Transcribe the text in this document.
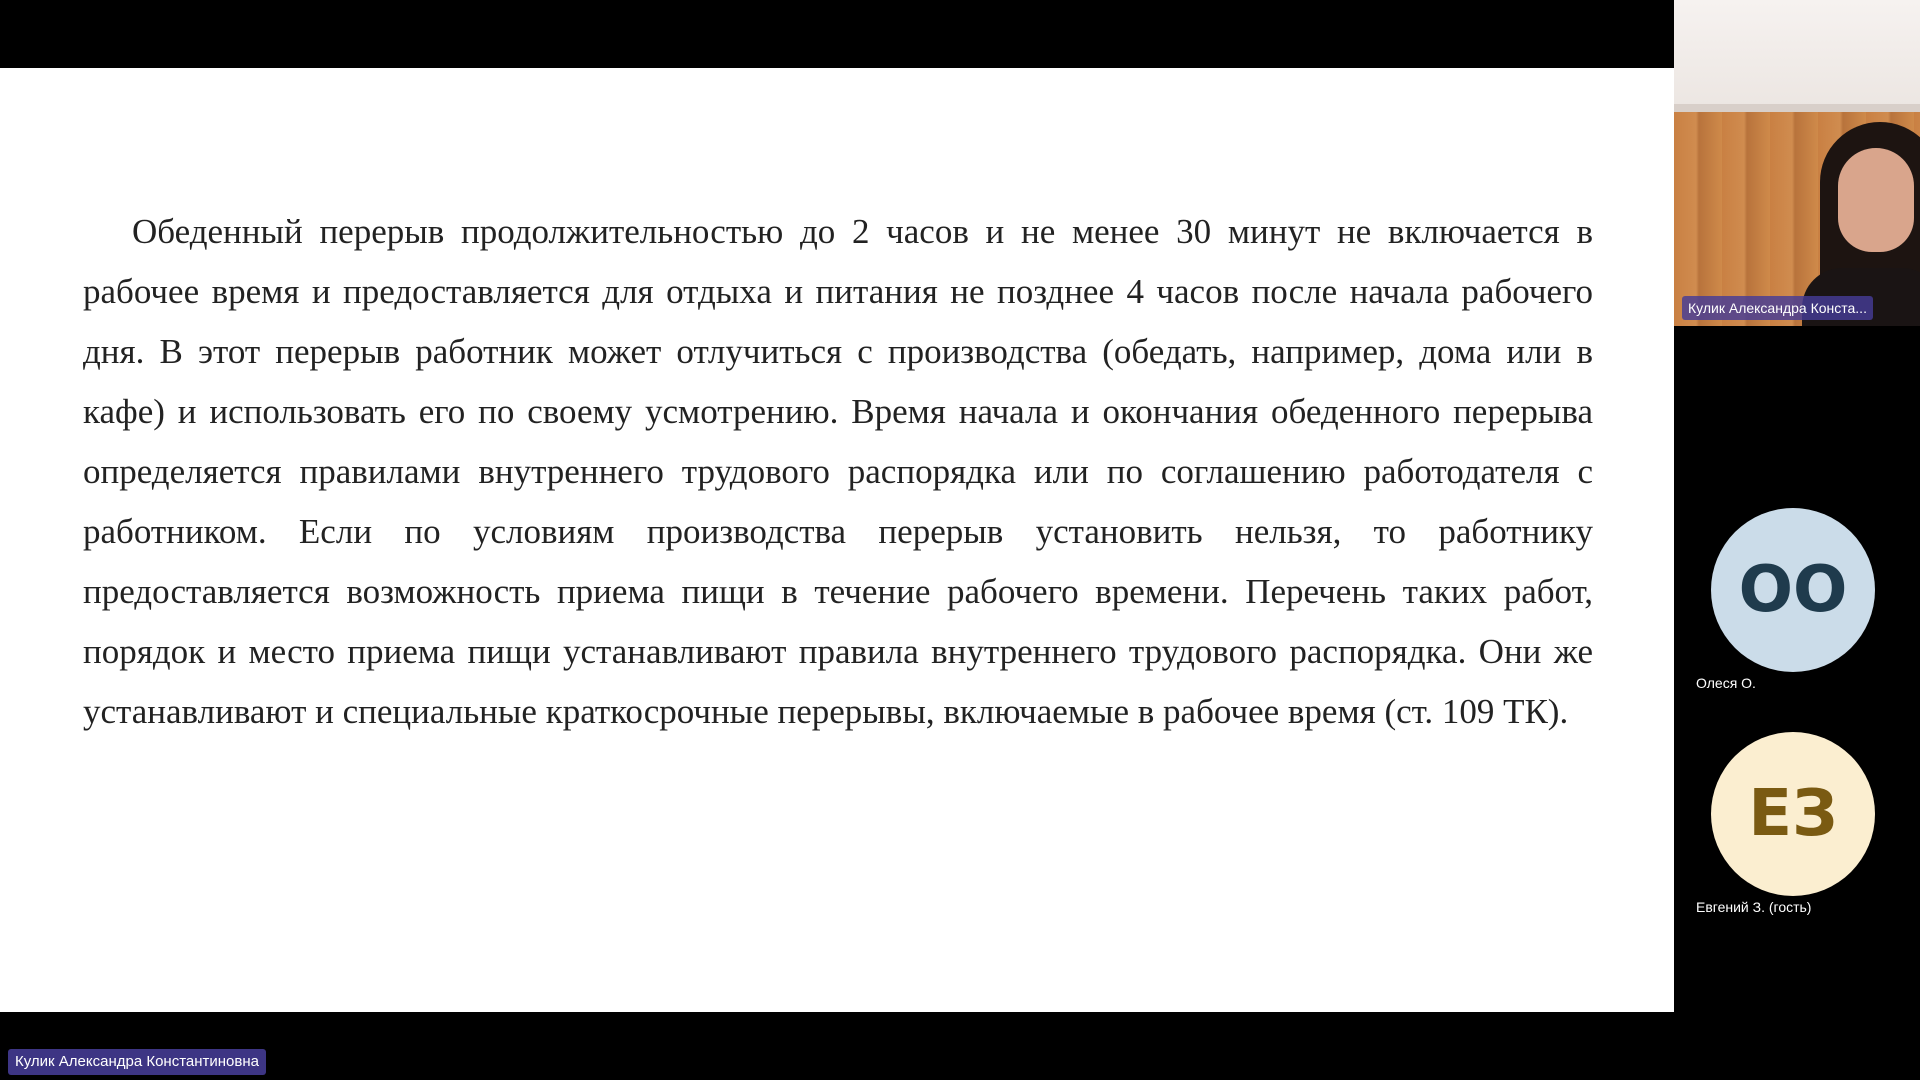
Обеденный перерыв продолжительностью до 2 часов и не менее 30 минут не включается в рабочее время и предоставляется для отдыха и питания не позднее 4 часов после начала рабочего дня. В этот перерыв работник может отлучиться с производства (обедать, например, дома или в кафе) и использовать его по своему усмотрению. Время начала и окончания обеденного перерыва определяется правилами внутреннего трудового распорядка или по соглашению работодателя с работником. Если по условиям производства перерыв установить нельзя, то работнику предоставляется возможность приема пищи в течение рабочего времени. Перечень таких работ, порядок и место приема пищи устанавливают правила внутреннего трудового распорядка. Они же устанавливают и специальные краткосрочные перерывы, включаемые в рабочее время (ст. 109 ТК).

Кулик Александра Конста...
ОО
Олеся О.
ЕЗ
Евгений З. (гость)
Кулик Александра Константиновна
